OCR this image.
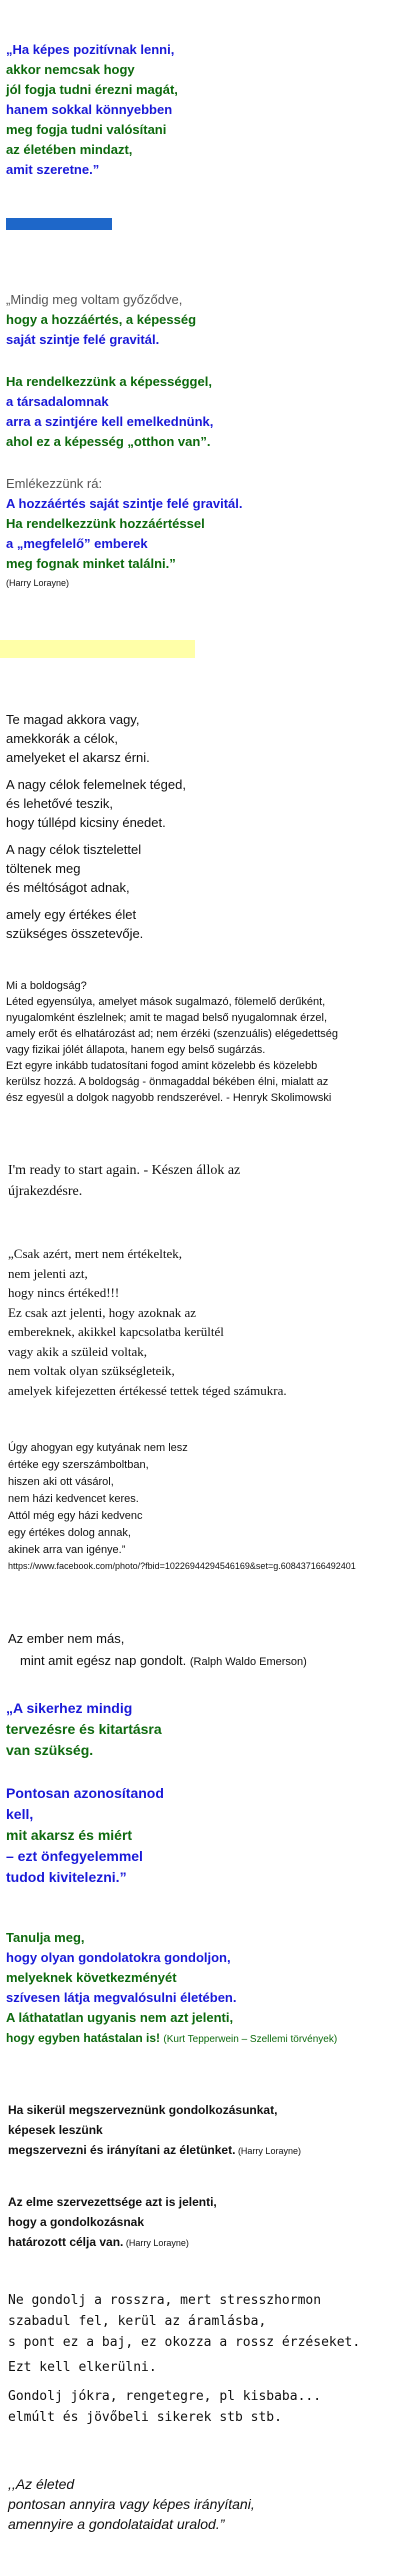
„Ha képes pozitívnak lenni,
akkor nemcsak hogy
jól fogja tudni érezni magát,
hanem sokkal könnyebben
meg fogja tudni valósítani
az életében mindazt,
amit szeretne.”
„Mindig meg voltam győződve,
hogy a hozzáértés, a képesség
saját szintje felé gravitál.
Ha rendelkezzünk a képességgel,
a társadalomnak
arra a szintjére kell emelkednünk,
ahol ez a képesség „otthon van”.
Emlékezzünk rá:
A hozzáértés saját szintje felé gravitál.
Ha rendelkezzünk hozzáértéssel
a „megfelelő” emberek
meg fognak minket találni.”
(Harry Lorayne)
Te magad akkora vagy,
amekkorák a célok,
amelyeket el akarsz érni.
A nagy célok felemelnek téged,
és lehetővé teszik,
hogy túllépd kicsiny énedet.
A nagy célok tisztelettel
töltenek meg
és méltóságot adnak,
amely egy értékes élet
szükséges összetevője.
Mi a boldogság?
Léted egyensúlya, amelyet mások sugalmazó, fölemelő derűként,
nyugalomként észlelnek; amit te magad belső nyugalomnak érzel,
amely erőt és elhatározást ad; nem érzéki (szenzuális) elégedettség
vagy fizikai jólét állapota, hanem egy belső sugárzás.
Ezt egyre inkább tudatosítani fogod amint közelebb és közelebb
kerülsz hozzá. A boldogság - önmagaddal békében élni, mialatt az
ész egyesül a dolgok nagyobb rendszerével. - Henryk Skolimowski
I'm ready to start again. - Készen állok az
újrakezdésre.
„Csak azért, mert nem értékeltek,
nem jelenti azt,
hogy nincs értéked!!!
Ez csak azt jelenti, hogy azoknak az
embereknek, akikkel kapcsolatba kerültél
vagy akik a szüleid voltak,
nem voltak olyan szükségleteik,
amelyek kifejezetten értékessé tettek téged számukra.
Úgy ahogyan egy kutyának nem lesz
értéke egy szerszámboltban,
hiszen aki ott vásárol,
nem házi kedvencet keres.
Attól még egy házi kedvenc
egy értékes dolog annak,
akinek arra van igénye.”
https://www.facebook.com/photo/?fbid=10226944294546169&set=g.608437166492401
Az ember nem más,
mint amit egész nap gondolt. (Ralph Waldo Emerson)
„A sikerhez mindig
tervezésre és kitartásra
van szükség.
Pontosan azonosítanod
kell,
mit akarsz és miért
– ezt önfegyelemmel
tudod kivitelezni.”
Tanulja meg,
hogy olyan gondolatokra gondoljon,
melyeknek következményét
szívesen látja megvalósulni életében.
A láthatatlan ugyanis nem azt jelenti,
hogy egyben hatástalan is! (Kurt Tepperwein – Szellemi törvények)
Ha sikerül megszerveznünk gondolkozásunkat,
képesek leszünk
megszervezni és irányítani az életünket. (Harry Lorayne)
Az elme szervezettsége azt is jelenti,
hogy a gondolkozásnak
határozott célja van. (Harry Lorayne)
Ne gondolj a rosszra, mert stresszhormon
szabadul fel, kerül az áramlásba,
s pont ez a baj, ez okozza a rossz érzéseket.
Ezt kell elkerülni.
Gondolj jókra, rengetegre, pl kisbaba...
elmúlt és jövőbeli sikerek stb stb.
,,Az életed
pontosan annyira vagy képes irányítani,
amennyire a gondolataidat uralod.”
